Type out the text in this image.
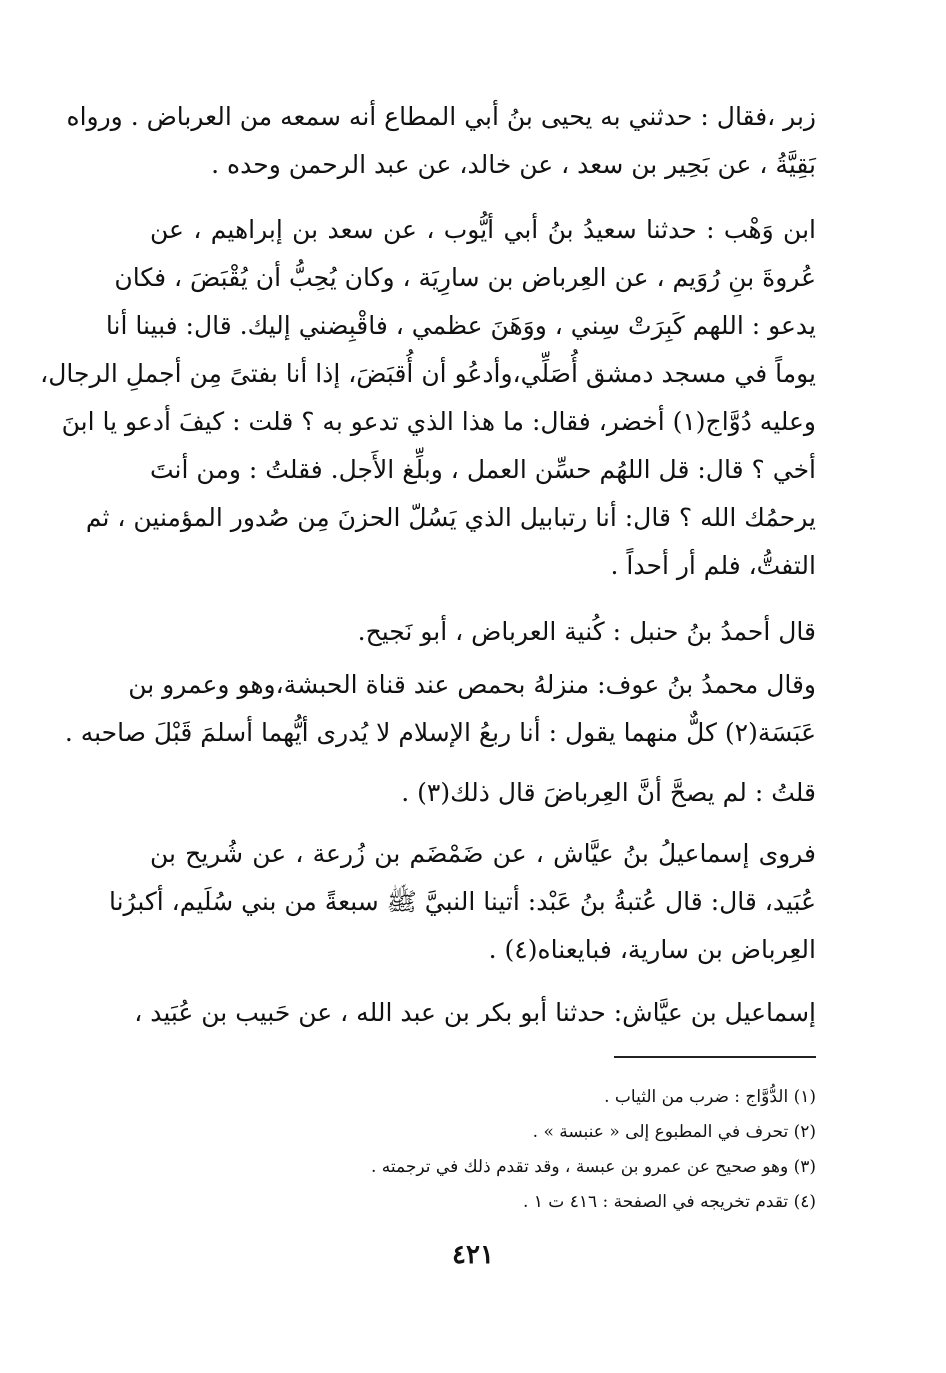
زبر ،فقال : حدثني به يحيى بنُ أبي المطاع أنه سمعه من العرباض . ورواه
بَقِيَّةُ ، عن بَحِير بن سعد ، عن خالد، عن عبد الرحمن وحده .
ابن وَهْب : حدثنا سعيدُ بنُ أبي أيُّوب ، عن سعد بن إبراهيم ، عن
عُروةَ بنِ رُوَيم ، عن العِرباض بن سارِيَة ، وكان يُحِبُّ أن يُقْبَضَ ، فكان
يدعو : اللهم كَبِرَتْ سِني ، ووَهَنَ عظمي ، فاقْبِضني إليك. قال: فبينا أنا
يوماً في مسجد دمشق أُصَلِّي،وأدعُو أن أُقبَضَ، إذا أنا بفتىً مِن أجملِ الرجال،
وعليه دُوَّاج(١) أخضر، فقال: ما هذا الذي تدعو به ؟ قلت : كيفَ أدعو يا ابنَ
أخي ؟ قال: قل اللهُم حسِّن العمل ، وبلِّغ الأَجل. فقلتُ : ومن أنتَ
يرحمُك الله ؟ قال: أنا رتبابيل الذي يَسُلّ الحزنَ مِن صُدور المؤمنين ، ثم
التفتُّ، فلم أر أحداً .
قال أحمدُ بنُ حنبل : كُنية العرباض ، أبو نَجيح.
وقال محمدُ بنُ عوف: منزلهُ بحمص عند قناة الحبشة،وهو وعمرو بن
عَبَسَة(٢) كلٌّ منهما يقول : أنا ربعُ الإسلام لا يُدرى أيُّهما أسلمَ قَبْلَ صاحبه .
قلتُ : لم يصحَّ أنَّ العِرباضَ قال ذلك(٣) .
فروى إسماعيلُ بنُ عيَّاش ، عن ضَمْضَم بن زُرعة ، عن شُريح بن
عُبَيد، قال: قال عُتبةُ بنُ عَبْد: أتينا النبيَّ ﷺ سبعةً من بني سُلَيم، أكبرُنا
العِرباض بن سارية، فبايعناه(٤) .
إسماعيل بن عيَّاش: حدثنا أبو بكر بن عبد الله ، عن حَبيب بن عُبَيد ،
(١) الدُّوَّاج : ضرب من الثياب .
(٢) تحرف في المطبوع إلى « عنبسة » .
(٣) وهو صحيح عن عمرو بن عبسة ، وقد تقدم ذلك في ترجمته .
(٤) تقدم تخريجه في الصفحة : ٤١٦ ت ١ .
٤٢١
